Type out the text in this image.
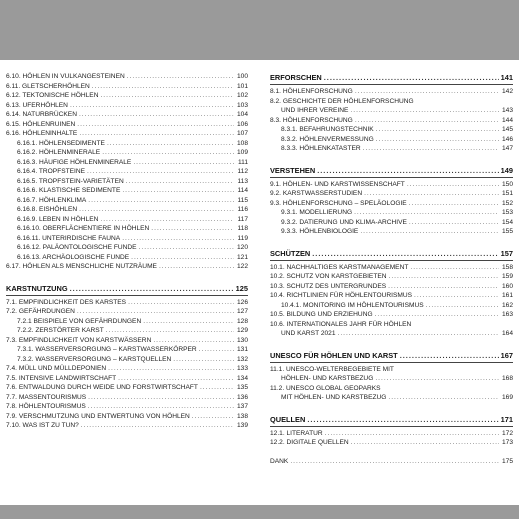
6.10. HÖHLEN IN VULKANGESTEINEN .....	100
6.11. GLETSCHERHÖHLEN .....	101
6.12. TEKTONISCHE HÖHLEN .....	102
6.13. UFERHÖHLEN .....	103
6.14. NATURBRÜCKEN .....	104
6.15. HÖHLENRUINEN .....	106
6.16. HÖHLENINHALTE .....	107
6.16.1. HÖHLENSEDIMENTE .....	108
6.16.2. HÖHLENMINERALE .....	109
6.16.3. HÄUFIGE HÖHLENMINERALE .....	111
6.16.4. TROPFSTEINE .....	112
6.16.5. TROPFSTEIN-VARIETÄTEN .....	113
6.16.6. KLASTISCHE SEDIMENTE .....	114
6.16.7. HÖHLENKLIMA .....	115
6.16.8. EISHÖHLEN .....	116
6.16.9. LEBEN IN HÖHLEN .....	117
6.16.10. OBERFLÄCHENTIERE IN HÖHLEN .....	118
6.16.11. UNTERIRDISCHE FAUNA .....	119
6.16.12. PALÄONTOLOGISCHE FUNDE .....	120
6.16.13. ARCHÄOLOGISCHE FUNDE .....	121
6.17. HÖHLEN ALS MENSCHLICHE NUTZRÄUME .....	122
KARSTNUTZUNG .....	125
7.1. EMPFINDLICHKEIT DES KARSTES .....	126
7.2. GEFÄHRDUNGEN .....	127
7.2.1 BEISPIELE VON GEFÄHRDUNGEN .....	128
7.2.2. ZERSTÖRTER KARST .....	129
7.3. EMPFINDLICHKEIT VON KARSTWÄSSERN .....	130
7.3.1. WASSERVERSORGUNG – KARSTWASSERKÖRPER .....	131
7.3.2. WASSERVERSORGUNG – KARSTQUELLEN .....	132
7.4. MÜLL UND MÜLLDEPONIEN .....	133
7.5. INTENSIVE LANDWIRTSCHAFT .....	134
7.6. ENTWALDUNG DURCH WEIDE UND FORSTWIRTSCHAFT .....	135
7.7. MASSENTOURISMUS .....	136
7.8. HÖHLENTOURISMUS .....	137
7.9. VERSCHMUTZUNG UND ENTWERTUNG VON HÖHLEN .....	138
7.10. WAS IST ZU TUN? .....	139
ERFORSCHEN .....	141
8.1. HÖHLENFORSCHUNG .....	142
8.2. GESCHICHTE DER HÖHLENFORSCHUNG
UND IHRER VEREINE .....	143
8.3. HÖHLENFORSCHUNG .....	144
8.3.1. BEFAHRUNGSTECHNIK .....	145
8.3.2. HÖHLENVERMESSUNG .....	146
8.3.3. HÖHLENKATASTER .....	147
VERSTEHEN .....	149
9.1. HÖHLEN- UND KARSTWISSENSCHAFT .....	150
9.2. KARSTWASSERSTUDIEN .....	151
9.3. HÖHLENFORSCHUNG – SPELÄOLOGIE .....	152
9.3.1. MODELLIERUNG .....	153
9.3.2. DATIERUNG UND KLIMA-ARCHIVE .....	154
9.3.3. HÖHLENBIOLOGIE .....	155
SCHÜTZEN .....	157
10.1. NACHHALTIGES KARSTMANAGEMENT .....	158
10.2. SCHUTZ VON KARSTGEBIETEN .....	159
10.3. SCHUTZ DES UNTERGRUNDES .....	160
10.4. RICHTLINIEN FÜR HÖHLENTOURISMUS .....	161
10.4.1. MONITORING IM HÖHLENTOURISMUS .....	162
10.5. BILDUNG UND ERZIEHUNG .....	163
10.6. INTERNATIONALES JAHR FÜR HÖHLEN
UND KARST 2021 .....	164
UNESCO FÜR HÖHLEN UND KARST .....	167
11.1. UNESCO-WELTERBEGEBIETE MIT
HÖHLEN- UND KARSTBEZUG .....	168
11.2. UNESCO GLOBAL GEOPARKS
MIT HÖHLEN- UND KARSTBEZUG .....	169
QUELLEN .....	171
12.1. LITERATUR .....	172
12.2. DIGITALE QUELLEN .....	173
DANK .....	175
